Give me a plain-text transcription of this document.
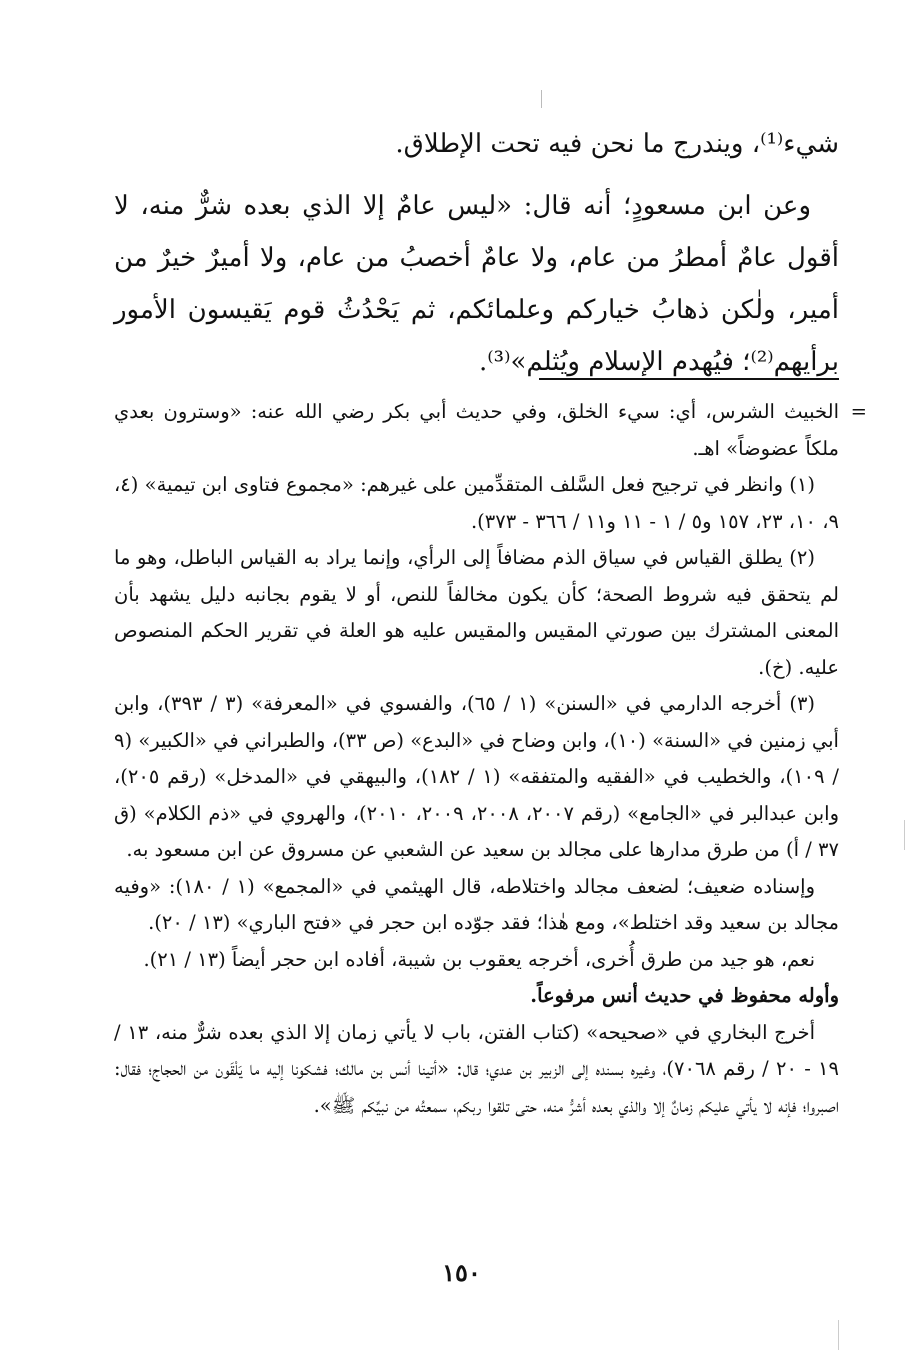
شيء⁽¹⁾، ويندرج ما نحن فيه تحت الإطلاق.

وعن ابن مسعودٍ؛ أنه قال: «ليس عامٌ إلا الذي بعده شرٌّ منه، لا أقول عامٌ أمطرُ من عام، ولا عامٌ أخصبُ من عام، ولا أميرٌ خيرٌ من أمير، ولٰكن ذهابُ خياركم وعلمائكم، ثم يَحْدُثُ قوم يَقيسون الأمور برأيهم⁽²⁾؛ فيُهدم الإسلام ويُثلم»⁽³⁾.

=
الخبيث الشرس، أي: سيء الخلق، وفي حديث أبي بكر رضي الله عنه: «وسترون بعدي ملكاً عضوضاً» اهـ.

(١) وانظر في ترجيح فعل السَّلف المتقدِّمين على غيرهم: «مجموع فتاوى ابن تيمية» (٤، ٩، ١٠، ٢٣، ١٥٧ و٥ / ١ - ١١ و١١ / ٣٦٦ - ٣٧٣).

(٢) يطلق القياس في سياق الذم مضافاً إلى الرأي، وإنما يراد به القياس الباطل، وهو ما لم يتحقق فيه شروط الصحة؛ كأن يكون مخالفاً للنص، أو لا يقوم بجانبه دليل يشهد بأن المعنى المشترك بين صورتي المقيس والمقيس عليه هو العلة في تقرير الحكم المنصوص عليه. (خ).

(٣) أخرجه الدارمي في «السنن» (١ / ٦٥)، والفسوي في «المعرفة» (٣ / ٣٩٣)، وابن أبي زمنين في «السنة» (١٠)، وابن وضاح في «البدع» (ص ٣٣)، والطبراني في «الكبير» (٩ / ١٠٩)، والخطيب في «الفقيه والمتفقه» (١ / ١٨٢)، والبيهقي في «المدخل» (رقم ٢٠٥)، وابن عبدالبر في «الجامع» (رقم ٢٠٠٧، ٢٠٠٨، ٢٠٠٩، ٢٠١٠)، والهروي في «ذم الكلام» (ق ٣٧ / أ) من طرق مدارها على مجالد بن سعيد عن الشعبي عن مسروق عن ابن مسعود به.

وإسناده ضعيف؛ لضعف مجالد واختلاطه، قال الهيثمي في «المجمع» (١ / ١٨٠): «وفيه مجالد بن سعيد وقد اختلط»، ومع هٰذا؛ فقد جوّده ابن حجر في «فتح الباري» (١٣ / ٢٠).

نعم، هو جيد من طرق أُخرى، أخرجه يعقوب بن شيبة، أفاده ابن حجر أيضاً (١٣ / ٢١).

وأوله محفوظ في حديث أنس مرفوعاً.

أخرج البخاري في «صحيحه» (كتاب الفتن، باب لا يأتي زمان إلا الذي بعده شرٌّ منه، ١٣ / ١٩ - ٢٠ / رقم ٧٠٦٨)، وغيره بسنده إلى الزبير بن عدي؛ قال: «أتينا أنس بن مالك؛ فشكونا إليه ما يَلْقَون من الحجاج؛ فقال: اصبروا؛ فإنه لا يأتي عليكم زمانٌ إلا والذي بعده أشرُّ منه، حتى تلقوا ربكم، سمعتُه من نبيِّكم ﷺ».

١٥٠
